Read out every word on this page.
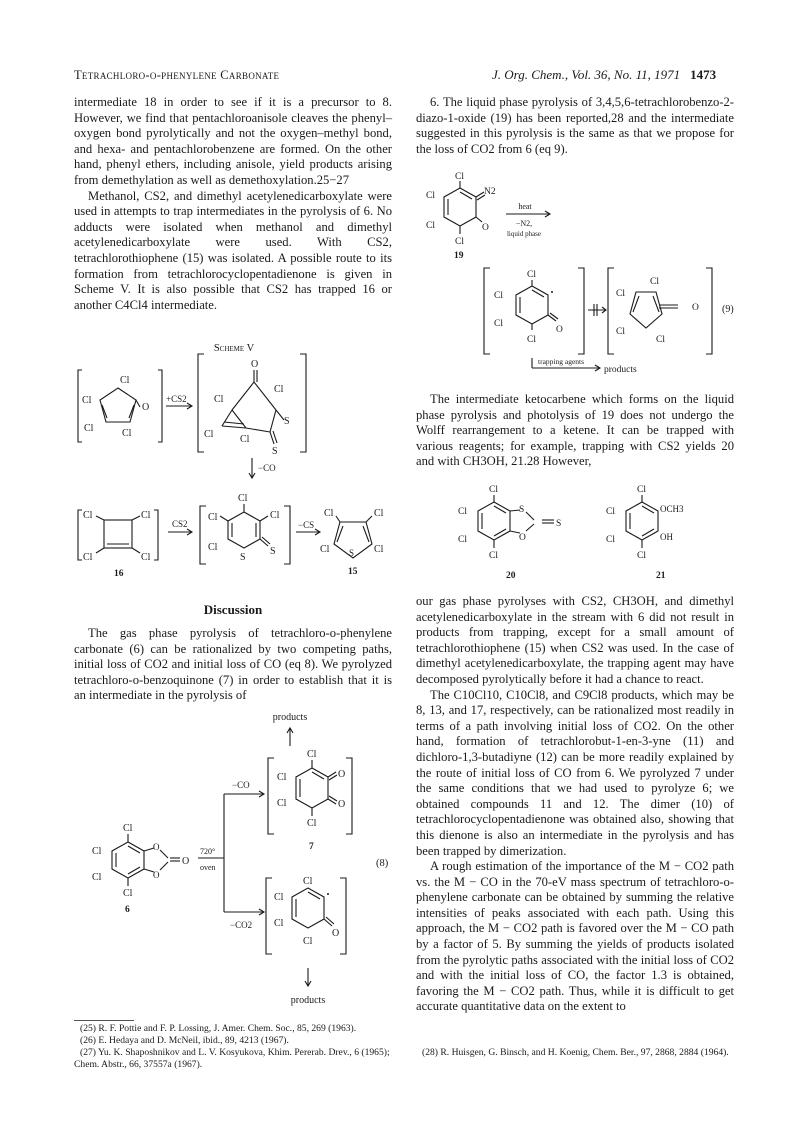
Tetrachloro-o-phenylene Carbonate	J. Org. Chem., Vol. 36, No. 11, 1971 1473

intermediate 18 in order to see if it is a precursor to 8. However, we find that pentachloroanisole cleaves the phenyl–oxygen bond pyrolytically and not the oxygen–methyl bond, and hexa- and pentachlorobenzene are formed. On the other hand, phenyl ethers, including anisole, yield products arising from demethylation as well as demethoxylation.25−27

Methanol, CS2, and dimethyl acetylenedicarboxylate were used in attempts to trap intermediates in the pyrolysis of 6. No adducts were isolated when methanol and dimethyl acetylenedicarboxylate were used. With CS2, tetrachlorothiophene (15) was isolated. A possible route to its formation from tetrachlorocyclopentadienone is given in Scheme V. It is also possible that CS2 has trapped 16 or another C4Cl4 intermediate.

Scheme V
O
Cl
Cl
Cl	Cl
+CS2
O
S
S
Cl
Cl
Cl	Cl
−CO
Cl	Cl
Cl	Cl
16
CS2
Cl
Cl	Cl
Cl
S
S
−CS
Cl	Cl
Cl	Cl
S
15
Discussion

The gas phase pyrolysis of tetrachloro-o-phenylene carbonate (6) can be rationalized by two competing paths, initial loss of CO2 and initial loss of CO (eq 8). We pyrolyzed tetrachloro-o-benzoquinone (7) in order to establish that it is an intermediate in the pyrolysis of

products
Cl
Cl
Cl
Cl
O
O
7
−CO
−CO2
720°
oven
O
O
O
Cl
Cl
Cl
Cl
6
(8)
Cl
Cl
Cl
Cl
O
products
(25) R. F. Pottie and F. P. Lossing, J. Amer. Chem. Soc., 85, 269 (1963).
(26) E. Hedaya and D. McNeil, ibid., 89, 4213 (1967).
(27) Yu. K. Shaposhnikov and L. V. Kosyukova, Khim. Pererab. Drev., 6 (1965); Chem. Abstr., 66, 37557a (1967).

6. The liquid phase pyrolysis of 3,4,5,6-tetrachlorobenzo-2-diazo-1-oxide (19) has been reported,28 and the intermediate suggested in this pyrolysis is the same as that we propose for the loss of CO2 from 6 (eq 9).

Cl
Cl
Cl
Cl
N2
O
19
heat
−N2,
liquid phase
Cl
Cl
Cl
Cl
O
O
Cl
Cl
Cl
Cl
(9)
trapping agents
products

The intermediate ketocarbene which forms on the liquid phase pyrolysis and photolysis of 19 does not undergo the Wolff rearrangement to a ketene. It can be trapped with various reagents; for example, trapping with CS2 yields 20 and with CH3OH, 21.28 However,

S
O
S
Cl
Cl
Cl
Cl
20
Cl
Cl
Cl
Cl
OCH3
OH
21

our gas phase pyrolyses with CS2, CH3OH, and dimethyl acetylenedicarboxylate in the stream with 6 did not result in products from trapping, except for a small amount of tetrachlorothiophene (15) when CS2 was used. In the case of dimethyl acetylenedicarboxylate, the trapping agent may have decomposed pyrolytically before it had a chance to react.

The C10Cl10, C10Cl8, and C9Cl8 products, which may be 8, 13, and 17, respectively, can be rationalized most readily in terms of a path involving initial loss of CO2. On the other hand, formation of tetrachlorobut-1-en-3-yne (11) and dichloro-1,3-butadiyne (12) can be more readily explained by the route of initial loss of CO from 6. We pyrolyzed 7 under the same conditions that we had used to pyrolyze 6; we obtained compounds 11 and 12. The dimer (10) of tetrachlorocyclopentadienone was obtained also, showing that this dienone is also an intermediate in the pyrolysis and has been trapped by dimerization.

A rough estimation of the importance of the M − CO2 path vs. the M − CO in the 70-eV mass spectrum of tetrachloro-o-phenylene carbonate can be obtained by summing the relative intensities of peaks associated with each path. Using this approach, the M − CO2 path is favored over the M − CO path by a factor of 5. By summing the yields of products isolated from the pyrolytic paths associated with the initial loss of CO2 and with the initial loss of CO, the factor 1.3 is obtained, favoring the M − CO2 path. Thus, while it is difficult to get accurate quantitative data on the extent to

(28) R. Huisgen, G. Binsch, and H. Koenig, Chem. Ber., 97, 2868, 2884 (1964).
